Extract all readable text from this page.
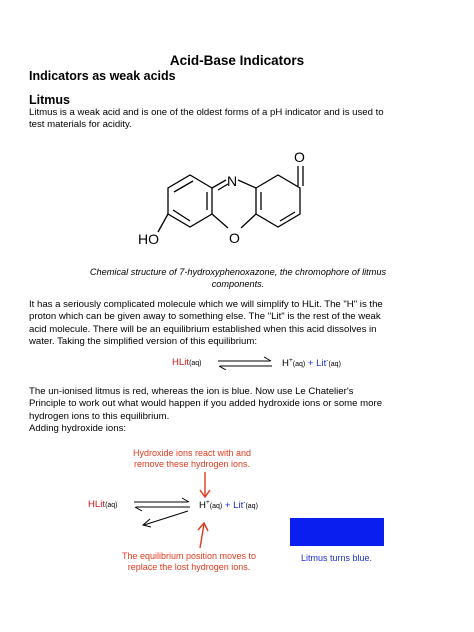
Acid-Base Indicators
Indicators as weak acids
Litmus
Litmus is a weak acid and is one of the oldest forms of a pH indicator and is used to
test materials for acidity.
N
O
O
HO
Chemical structure of 7-hydroxyphenoxazone, the chromophore of litmus
components.
It has a seriously complicated molecule which we will simplify to HLit. The "H" is the
proton which can be given away to something else. The "Lit" is the rest of the weak
acid molecule. There will be an equilibrium established when this acid dissolves in
water. Taking the simplified version of this equilibrium:
HLit(aq) ⇌ H+(aq) + Lit-(aq)
The un-ionised litmus is red, whereas the ion is blue. Now use Le Chatelier's
Principle to work out what would happen if you added hydroxide ions or some more
hydrogen ions to this equilibrium.
Adding hydroxide ions:
Hydroxide ions react with and
remove these hydrogen ions.
HLit(aq) ⇌ H+(aq) + Lit-(aq)
Litmus turns blue.
The equilibrium position moves to
replace the lost hydrogen ions.
